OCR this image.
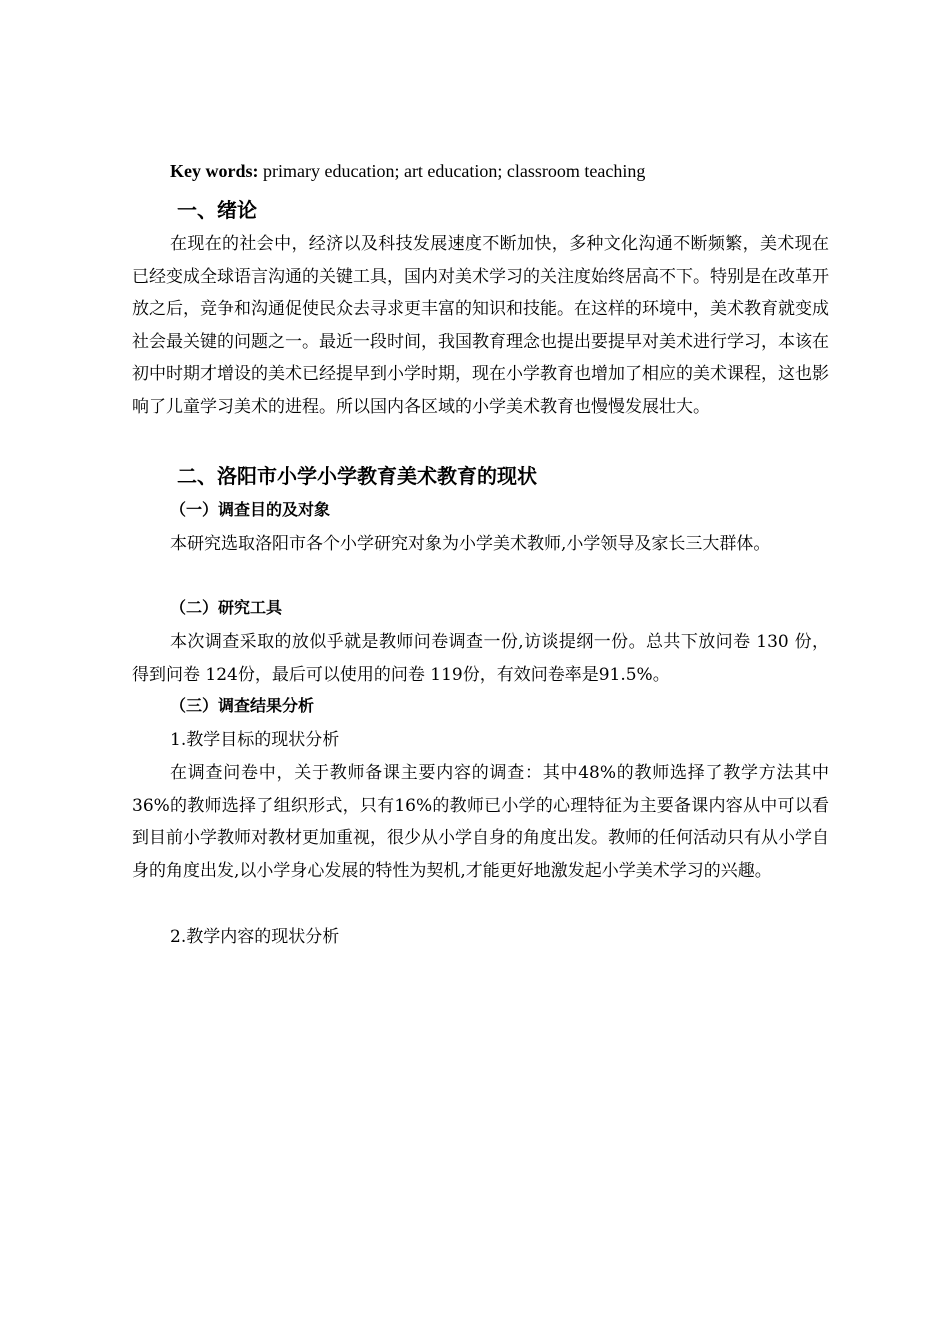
Key words: primary education; art education; classroom teaching
一、绪论

在现在的社会中，经济以及科技发展速度不断加快，多种文化沟通不断频繁，美术现在已经变成全球语言沟通的关键工具，国内对美术学习的关注度始终居高不下。特别是在改革开放之后，竞争和沟通促使民众去寻求更丰富的知识和技能。在这样的环境中，美术教育就变成社会最关键的问题之一。最近一段时间，我国教育理念也提出要提早对美术进行学习，本该在初中时期才增设的美术已经提早到小学时期，现在小学教育也增加了相应的美术课程，这也影响了儿童学习美术的进程。所以国内各区域的小学美术教育也慢慢发展壮大。

二、洛阳市小学小学教育美术教育的现状
（一）调查目的及对象

本研究选取洛阳市各个小学研究对象为小学美术教师,小学领导及家长三大群体。

（二）研究工具

本次调查采取的放似乎就是教师问卷调查一份,访谈提纲一份。总共下放问卷 130 份，得到问卷 124份，最后可以使用的问卷 119份，有效问卷率是91.5%。

（三）调查结果分析
1.教学目标的现状分析

在调查问卷中，关于教师备课主要内容的调查：其中48%的教师选择了教学方法其中36%的教师选择了组织形式，只有16%的教师已小学的心理特征为主要备课内容从中可以看到目前小学教师对教材更加重视，很少从小学自身的角度出发。教师的任何活动只有从小学自身的角度出发,以小学身心发展的特性为契机,才能更好地激发起小学美术学习的兴趣。

2.教学内容的现状分析
